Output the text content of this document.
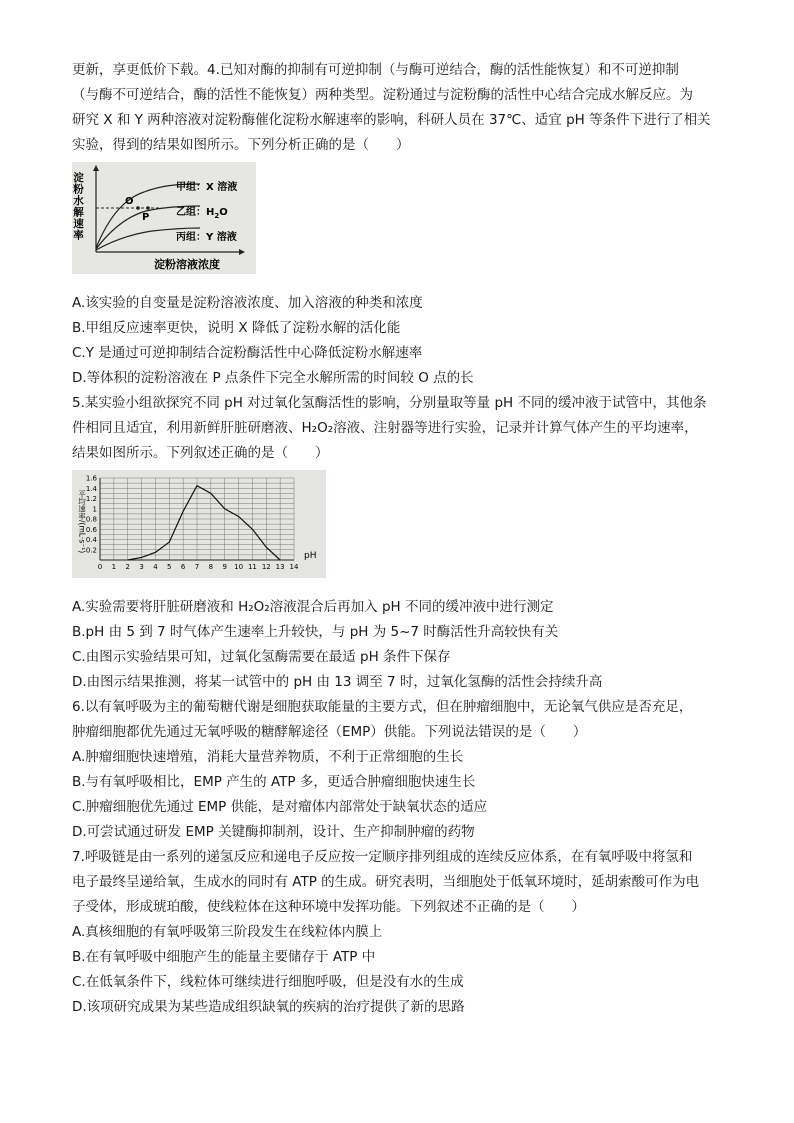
更新，享更低价下载。4.已知对酶的抑制有可逆抑制（与酶可逆结合，酶的活性能恢复）和不可逆抑制
（与酶不可逆结合，酶的活性不能恢复）两种类型。淀粉通过与淀粉酶的活性中心结合完成水解反应。为
研究 X 和 Y 两种溶液对淀粉酶催化淀粉水解速率的影响，科研人员在 37℃、适宜 pH 等条件下进行了相关
实验，得到的结果如图所示。下列分析正确的是（　　）
淀粉水解速率	O
P
甲组：X 溶液
乙组：$H_2O$
丙组：Y 溶液
淀粉溶液浓度
A.该实验的自变量是淀粉溶液浓度、加入溶液的种类和浓度
B.甲组反应速率更快，说明 X 降低了淀粉水解的活化能
C.Y 是通过可逆抑制结合淀粉酶活性中心降低淀粉水解速率
D.等体积的淀粉溶液在 P 点条件下完全水解所需的时间较 O 点的长
5.某实验小组欲探究不同 pH 对过氧化氢酶活性的影响，分别量取等量 pH 不同的缓冲液于试管中，其他条
件相同且适宜，利用新鲜肝脏研磨液、H₂O₂溶液、注射器等进行实验，记录并计算气体产生的平均速率，
结果如图所示。下列叙述正确的是（　　）
0.2
0.4
0.6
0.8
1
1.2
1.4
1.6
0 1 2 3 4 5 6 7 8 9 10 11 12 13 14
平均速率/(mL·s⁻¹)
pH
A.实验需要将肝脏研磨液和 H₂O₂溶液混合后再加入 pH 不同的缓冲液中进行测定
B.pH 由 5 到 7 时气体产生速率上升较快，与 pH 为 5~7 时酶活性升高较快有关
C.由图示实验结果可知，过氧化氢酶需要在最适 pH 条件下保存
D.由图示结果推测，将某一试管中的 pH 由 13 调至 7 时，过氧化氢酶的活性会持续升高
6.以有氧呼吸为主的葡萄糖代谢是细胞获取能量的主要方式，但在肿瘤细胞中，无论氧气供应是否充足，
肿瘤细胞都优先通过无氧呼吸的糖酵解途径（EMP）供能。下列说法错误的是（　　）
A.肿瘤细胞快速增殖，消耗大量营养物质，不利于正常细胞的生长
B.与有氧呼吸相比，EMP 产生的 ATP 多，更适合肿瘤细胞快速生长
C.肿瘤细胞优先通过 EMP 供能，是对瘤体内部常处于缺氧状态的适应
D.可尝试通过研发 EMP 关键酶抑制剂，设计、生产抑制肿瘤的药物
7.呼吸链是由一系列的递氢反应和递电子反应按一定顺序排列组成的连续反应体系，在有氧呼吸中将氢和
电子最终呈递给氧，生成水的同时有 ATP 的生成。研究表明，当细胞处于低氧环境时，延胡索酸可作为电
子受体，形成琥珀酸，使线粒体在这种环境中发挥功能。下列叙述不正确的是（　　）
A.真核细胞的有氧呼吸第三阶段发生在线粒体内膜上
B.在有氧呼吸中细胞产生的能量主要储存于 ATP 中
C.在低氧条件下，线粒体可继续进行细胞呼吸，但是没有水的生成
D.该项研究成果为某些造成组织缺氧的疾病的治疗提供了新的思路
